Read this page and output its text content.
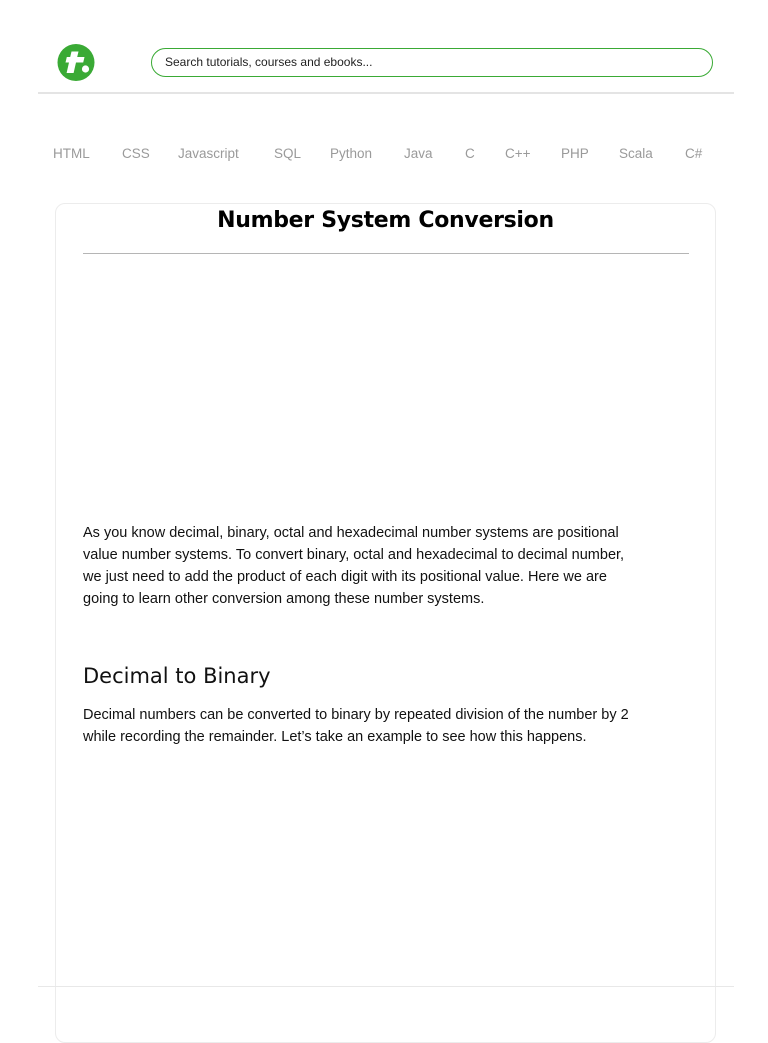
Search tutorials, courses and ebooks...
HTML CSS Javascript	SQL Python Java C C++ PHP Scala C#
Number System Conversion

As you know decimal, binary, octal and hexadecimal number systems are positional value number systems. To convert binary, octal and hexadecimal to decimal number, we just need to add the product of each digit with its positional value. Here we are going to learn other conversion among these number systems.

Decimal to Binary

Decimal numbers can be converted to binary by repeated division of the number by 2 while recording the remainder. Let’s take an example to see how this happens.
